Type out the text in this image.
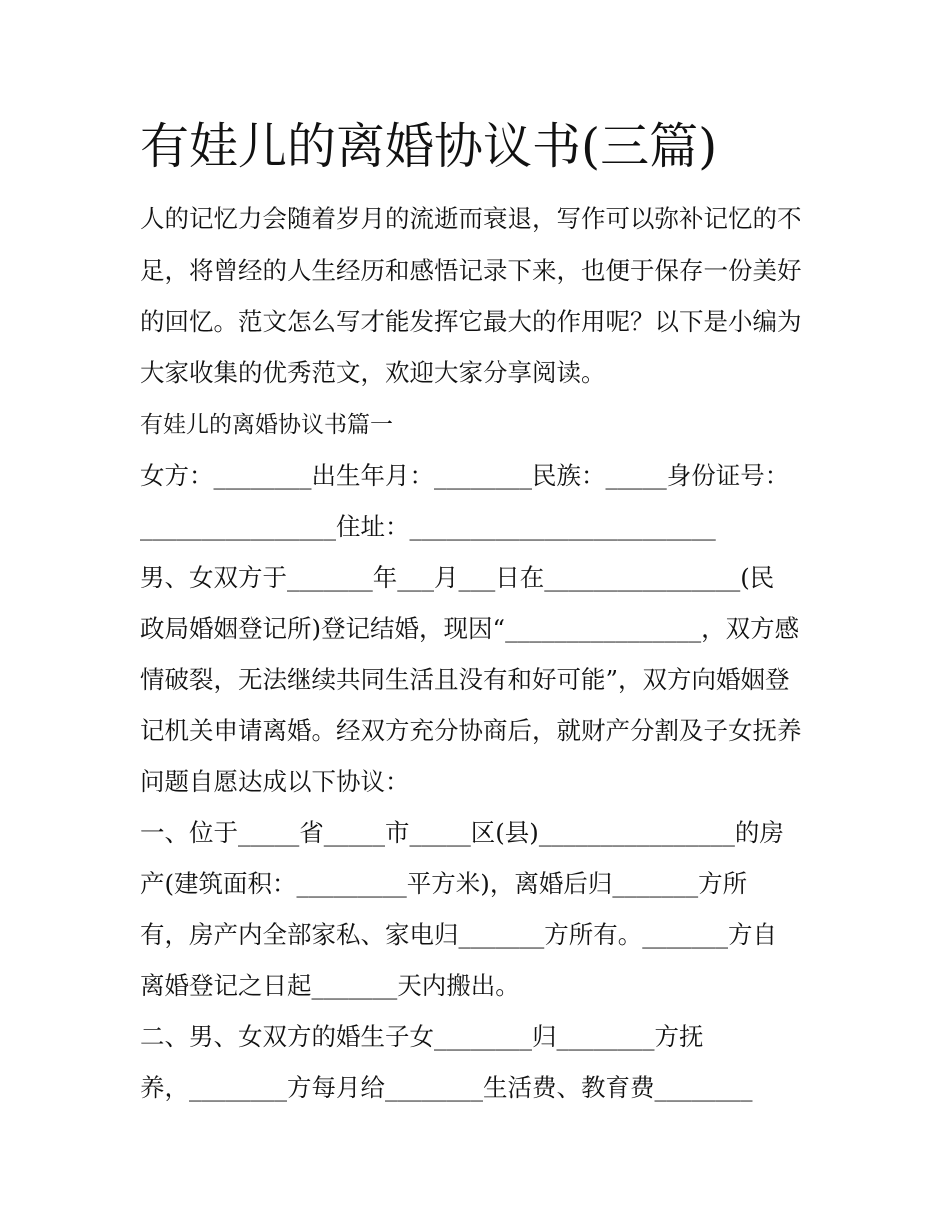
有娃儿的离婚协议书(三篇)
人的记忆力会随着岁月的流逝而衰退，写作可以弥补记忆的不
足，将曾经的人生经历和感悟记录下来，也便于保存一份美好
的回忆。范文怎么写才能发挥它最大的作用呢？以下是小编为
大家收集的优秀范文，欢迎大家分享阅读。
有娃儿的离婚协议书篇一
女方：________出生年月：________民族：_____身份证号：
________________住址：_________________________
男、女双方于_______年___月___日在________________(民
政局婚姻登记所)登记结婚，现因“________________，双方感
情破裂，无法继续共同生活且没有和好可能”，双方向婚姻登
记机关申请离婚。经双方充分协商后，就财产分割及子女抚养
问题自愿达成以下协议：
一、位于_____省_____市_____区(县)________________的房
产(建筑面积：_________平方米)，离婚后归_______方所
有，房产内全部家私、家电归_______方所有。_______方自
离婚登记之日起_______天内搬出。
二、男、女双方的婚生子女________归________方抚
养，________方每月给________生活费、教育费________
